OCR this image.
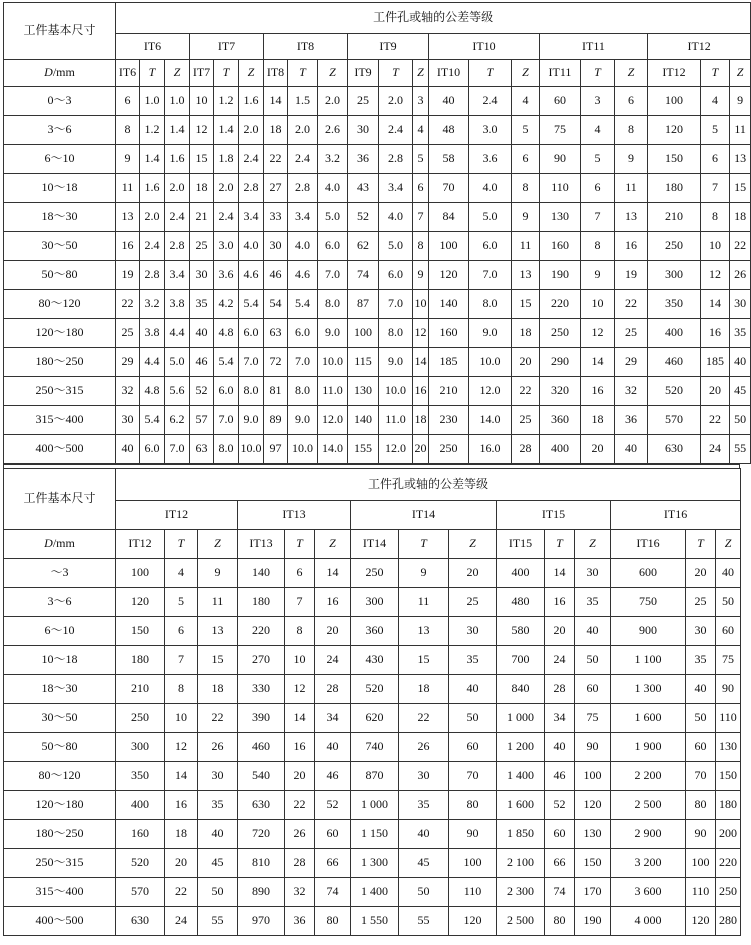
工件基本尺寸	工件孔或轴的公差等级																				
	IT6			IT7			IT8			IT9			IT10			IT11			IT12		
D/mm	IT6	T	Z	IT7	T	Z	IT8	T	Z	IT9	T	Z	IT10	T	Z	IT11	T	Z	IT12	T	Z
0～3	6	1.0	1.0	10	1.2	1.6	14	1.5	2.0	25	2.0	3	40	2.4	4	60	3	6	100	4	9
3～6	8	1.2	1.4	12	1.4	2.0	18	2.0	2.6	30	2.4	4	48	3.0	5	75	4	8	120	5	11
6～10	9	1.4	1.6	15	1.8	2.4	22	2.4	3.2	36	2.8	5	58	3.6	6	90	5	9	150	6	13
10～18	11	1.6	2.0	18	2.0	2.8	27	2.8	4.0	43	3.4	6	70	4.0	8	110	6	11	180	7	15
18～30	13	2.0	2.4	21	2.4	3.4	33	3.4	5.0	52	4.0	7	84	5.0	9	130	7	13	210	8	18
30～50	16	2.4	2.8	25	3.0	4.0	30	4.0	6.0	62	5.0	8	100	6.0	11	160	8	16	250	10	22
50～80	19	2.8	3.4	30	3.6	4.6	46	4.6	7.0	74	6.0	9	120	7.0	13	190	9	19	300	12	26
80～120	22	3.2	3.8	35	4.2	5.4	54	5.4	8.0	87	7.0	10	140	8.0	15	220	10	22	350	14	30
120～180	25	3.8	4.4	40	4.8	6.0	63	6.0	9.0	100	8.0	12	160	9.0	18	250	12	25	400	16	35
180～250	29	4.4	5.0	46	5.4	7.0	72	7.0	10.0	115	9.0	14	185	10.0	20	290	14	29	460	185	40
250～315	32	4.8	5.6	52	6.0	8.0	81	8.0	11.0	130	10.0	16	210	12.0	22	320	16	32	520	20	45
315～400	30	5.4	6.2	57	7.0	9.0	89	9.0	12.0	140	11.0	18	230	14.0	25	360	18	36	570	22	50
400～500	40	6.0	7.0	63	8.0	10.0	97	10.0	14.0	155	12.0	20	250	16.0	28	400	20	40	630	24	55
工件基本尺寸	工件孔或轴的公差等级														
	IT12			IT13			IT14			IT15			IT16		
D/mm	IT12	T	Z	IT13	T	Z	IT14	T	Z	IT15	T	Z	IT16	T	Z
～3	100	4	9	140	6	14	250	9	20	400	14	30	600	20	40
3～6	120	5	11	180	7	16	300	11	25	480	16	35	750	25	50
6～10	150	6	13	220	8	20	360	13	30	580	20	40	900	30	60
10～18	180	7	15	270	10	24	430	15	35	700	24	50	1 100	35	75
18～30	210	8	18	330	12	28	520	18	40	840	28	60	1 300	40	90
30～50	250	10	22	390	14	34	620	22	50	1 000	34	75	1 600	50	110
50～80	300	12	26	460	16	40	740	26	60	1 200	40	90	1 900	60	130
80～120	350	14	30	540	20	46	870	30	70	1 400	46	100	2 200	70	150
120～180	400	16	35	630	22	52	1 000	35	80	1 600	52	120	2 500	80	180
180～250	160	18	40	720	26	60	1 150	40	90	1 850	60	130	2 900	90	200
250～315	520	20	45	810	28	66	1 300	45	100	2 100	66	150	3 200	100	220
315～400	570	22	50	890	32	74	1 400	50	110	2 300	74	170	3 600	110	250
400～500	630	24	55	970	36	80	1 550	55	120	2 500	80	190	4 000	120	280
